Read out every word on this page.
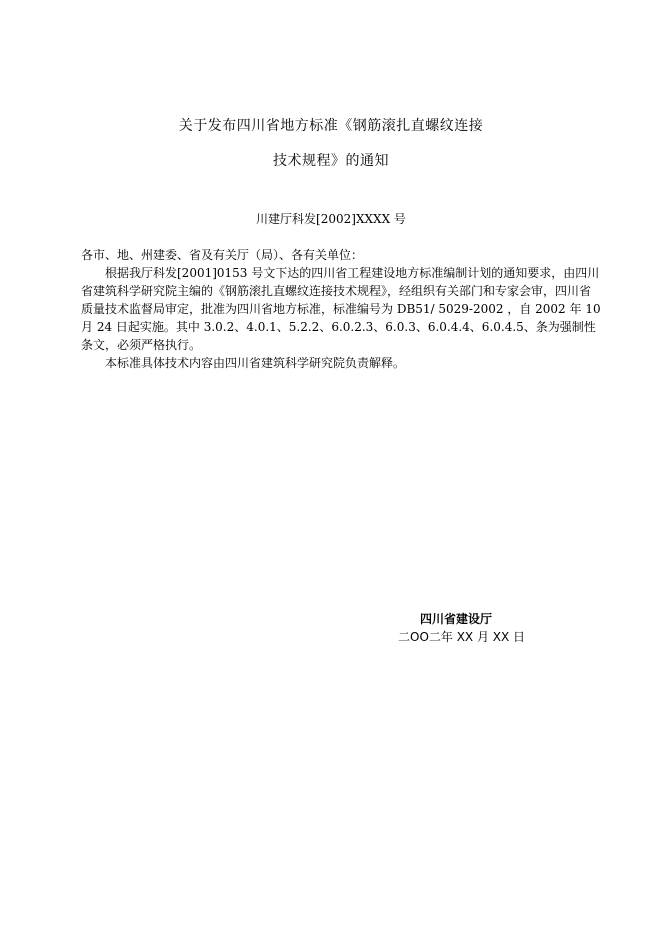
关于发布四川省地方标准《钢筋滚扎直螺纹连接
技术规程》的通知
川建厅科发[2002]XXXX 号

各市、地、州建委、省及有关厅（局）、各有关单位：

根据我厅科发[2001]0153 号文下达的四川省工程建设地方标准编制计划的通知要求，由四川省建筑科学研究院主编的《钢筋滚扎直螺纹连接技术规程》，经组织有关部门和专家会审，四川省质量技术监督局审定，批准为四川省地方标准，标准编号为 DB51/ 5029-2002 ，自 2002 年 10 月 24 日起实施。其中 3.0.2、4.0.1、5.2.2、6.0.2.3、6.0.3、6.0.4.4、6.0.4.5、条为强制性条文，必须严格执行。

本标准具体技术内容由四川省建筑科学研究院负责解释。

四川省建设厅
二OO二年 XX 月 XX 日
